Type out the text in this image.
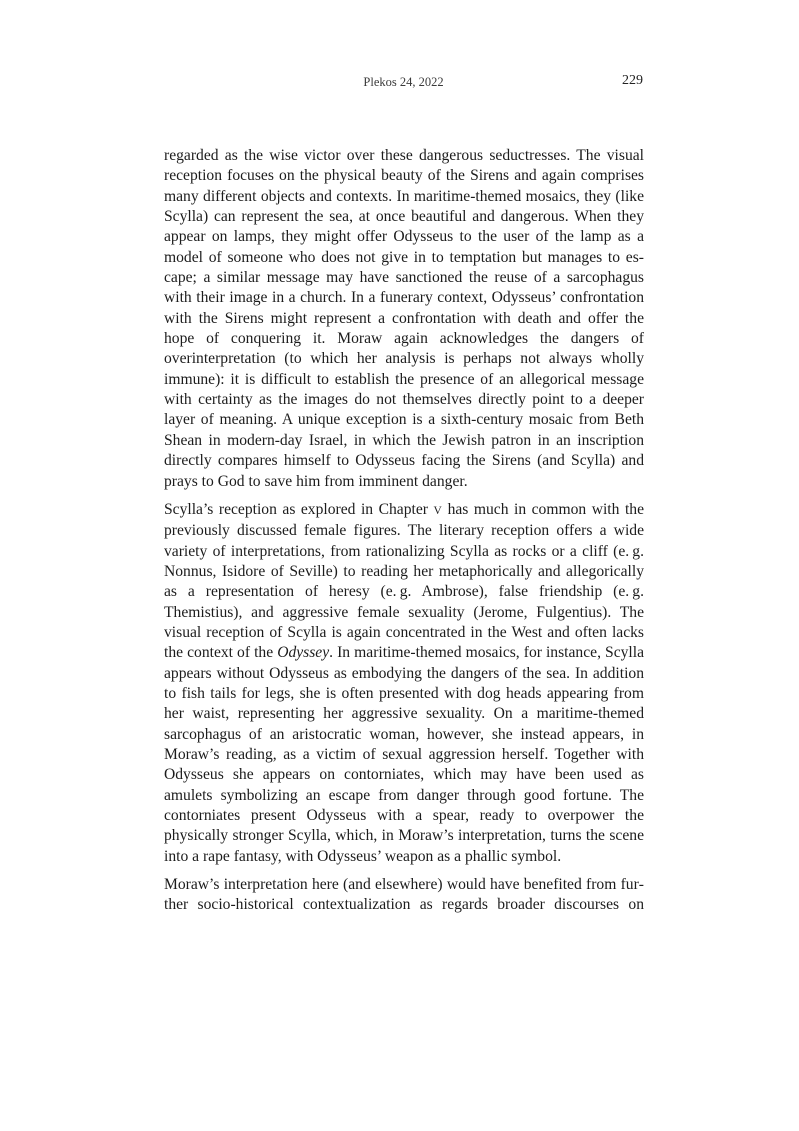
Plekos 24, 2022	229

regarded as the wise victor over these dangerous seductresses. The visual reception focuses on the physical beauty of the Sirens and again comprises many different objects and contexts. In maritime-themed mosaics, they (like Scylla) can represent the sea, at once beautiful and dangerous. When they appear on lamps, they might offer Odysseus to the user of the lamp as a model of someone who does not give in to temptation but manages to escape; a similar message may have sanctioned the reuse of a sarcophagus with their image in a church. In a funerary context, Odysseus’ confrontation with the Sirens might represent a confrontation with death and offer the hope of conquering it. Moraw again acknowledges the dangers of overinterpretation (to which her analysis is perhaps not always wholly immune): it is difficult to establish the presence of an allegorical message with certainty as the images do not themselves directly point to a deeper layer of meaning. A unique exception is a sixth-century mosaic from Beth Shean in modern-day Israel, in which the Jewish patron in an inscription directly compares himself to Odysseus facing the Sirens (and Scylla) and prays to God to save him from imminent danger.

Scylla’s reception as explored in Chapter V has much in common with the previously discussed female figures. The literary reception offers a wide variety of interpretations, from rationalizing Scylla as rocks or a cliff (e. g. Nonnus, Isidore of Seville) to reading her metaphorically and allegorically as a representation of heresy (e. g. Ambrose), false friendship (e. g. Themistius), and aggressive female sexuality (Jerome, Fulgentius). The visual reception of Scylla is again concentrated in the West and often lacks the context of the Odyssey. In maritime-themed mosaics, for instance, Scylla appears without Odysseus as embodying the dangers of the sea. In addition to fish tails for legs, she is often presented with dog heads appearing from her waist, representing her aggressive sexuality. On a maritime-themed sarcophagus of an aristocratic woman, however, she instead appears, in Moraw’s reading, as a victim of sexual aggression herself. Together with Odysseus she appears on contorniates, which may have been used as amulets symbolizing an escape from danger through good fortune. The contorniates present Odysseus with a spear, ready to overpower the physically stronger Scylla, which, in Moraw’s interpretation, turns the scene into a rape fantasy, with Odysseus’ weapon as a phallic symbol.

Moraw’s interpretation here (and elsewhere) would have benefited from further socio-historical contextualization as regards broader discourses on
